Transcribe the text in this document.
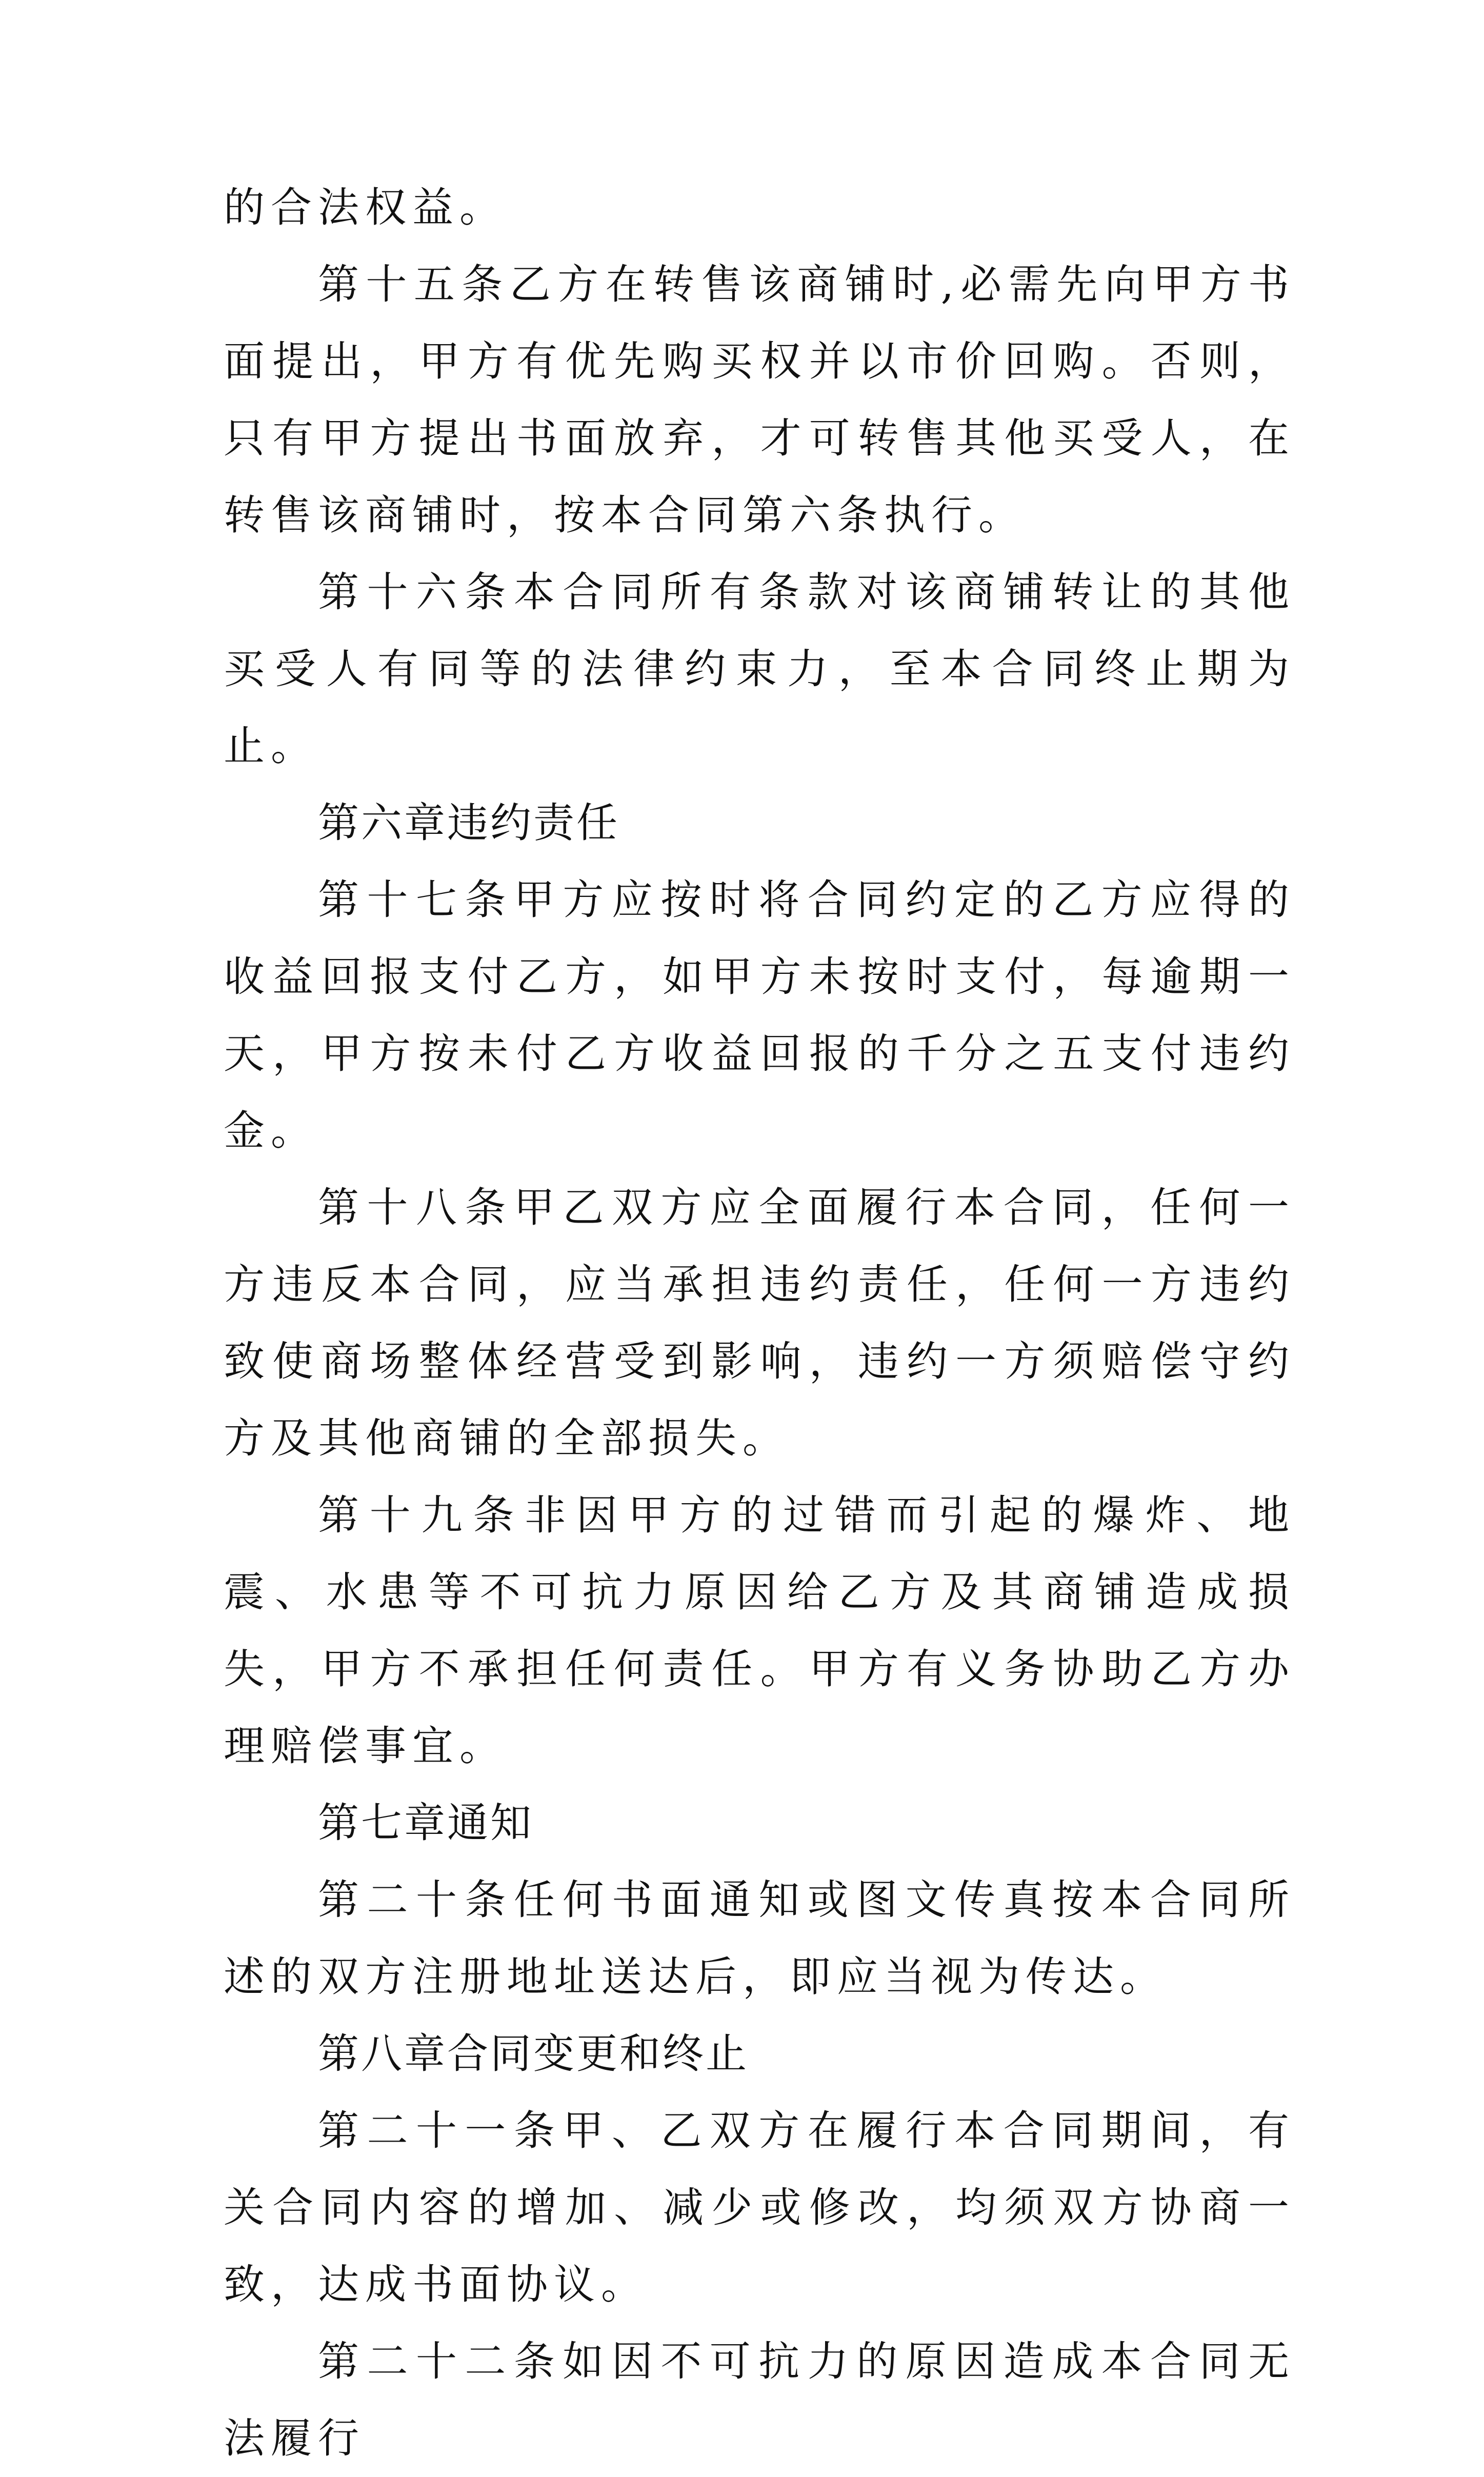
的合法权益。

第十五条乙方在转售该商铺时,必需先向甲方书面提出，甲方有优先购买权并以市价回购。否则，只有甲方提出书面放弃，才可转售其他买受人，在转售该商铺时，按本合同第六条执行。

第十六条本合同所有条款对该商铺转让的其他买受人有同等的法律约束力，至本合同终止期为止。

第六章违约责任

第十七条甲方应按时将合同约定的乙方应得的收益回报支付乙方，如甲方未按时支付，每逾期一天，甲方按未付乙方收益回报的千分之五支付违约金。

第十八条甲乙双方应全面履行本合同，任何一方违反本合同，应当承担违约责任，任何一方违约致使商场整体经营受到影响，违约一方须赔偿守约方及其他商铺的全部损失。

第十九条非因甲方的过错而引起的爆炸、地震、水患等不可抗力原因给乙方及其商铺造成损失，甲方不承担任何责任。甲方有义务协助乙方办理赔偿事宜。

第七章通知

第二十条任何书面通知或图文传真按本合同所述的双方注册地址送达后，即应当视为传达。

第八章合同变更和终止

第二十一条甲、乙双方在履行本合同期间，有关合同内容的增加、减少或修改，均须双方协商一致，达成书面协议。

第二十二条如因不可抗力的原因造成本合同无法履行
